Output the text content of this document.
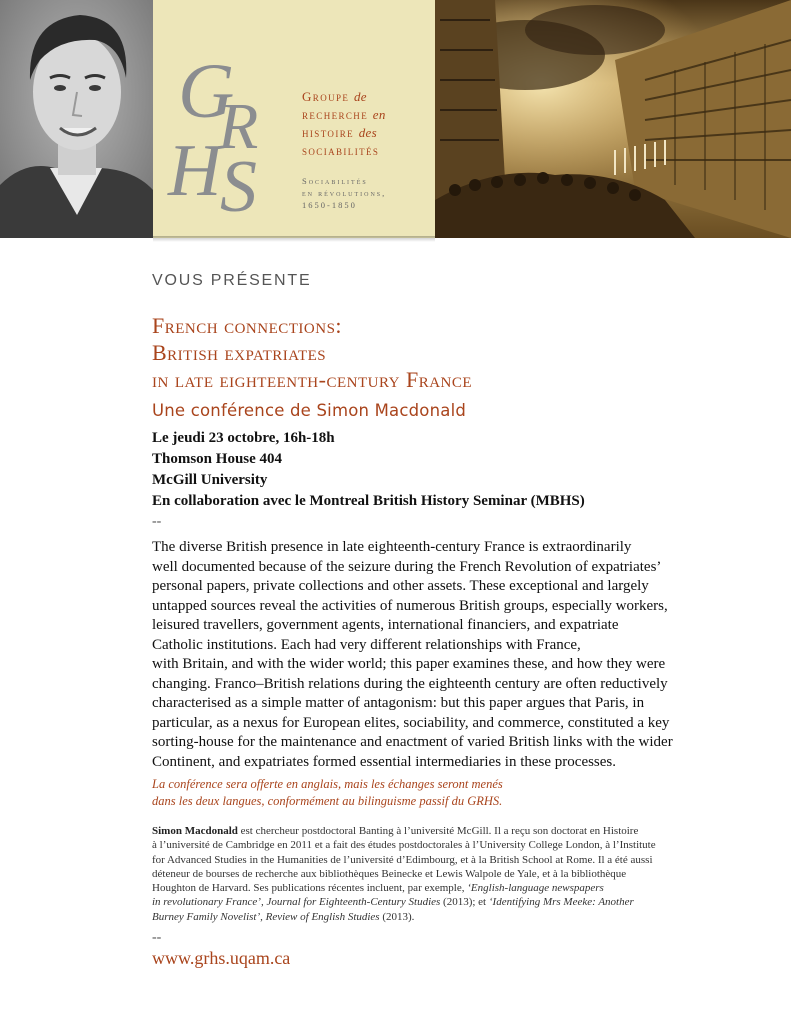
G
R
H
S
Groupe de
recherche en
histoire des
sociabilités
Sociabilités
en révolutions,
1650-1850
VOUS PRÉSENTE
French connections:
British expatriates
in late eighteenth-century France
Une conférence de Simon Macdonald
Le jeudi 23 octobre, 16h-18h
Thomson House 404
McGill University
En collaboration avec le Montreal British History Seminar (MBHS)
--
The diverse British presence in late eighteenth-century France is extraordinarily
well documented because of the seizure during the French Revolution of expatriates’
personal papers, private collections and other assets. These exceptional and largely
untapped sources reveal the activities of numerous British groups, especially workers,
leisured travellers, government agents, international financiers, and expatriate
Catholic institutions. Each had very different relationships with France,
with Britain, and with the wider world; this paper examines these, and how they were
changing. Franco–British relations during the eighteenth century are often reductively
characterised as a simple matter of antagonism: but this paper argues that Paris, in
particular, as a nexus for European elites, sociability, and commerce, constituted a key
sorting-house for the maintenance and enactment of varied British links with the wider
Continent, and expatriates formed essential intermediaries in these processes.
La conférence sera offerte en anglais, mais les échanges seront menés
dans les deux langues, conformément au bilinguisme passif du GRHS.
Simon Macdonald est chercheur postdoctoral Banting à l’université McGill. Il a reçu son doctorat en Histoire
à l’université de Cambridge en 2011 et a fait des études postdoctorales à l’University College London, à l’Institute
for Advanced Studies in the Humanities de l’université d’Edimbourg, et à la British School at Rome. Il a été aussi
déteneur de bourses de recherche aux bibliothèques Beinecke et Lewis Walpole de Yale, et à la bibliothèque
Houghton de Harvard. Ses publications récentes incluent, par exemple, ‘English-language newspapers
in revolutionary France’, Journal for Eighteenth-Century Studies (2013); et ‘Identifying Mrs Meeke: Another
Burney Family Novelist’, Review of English Studies (2013).
--
www.grhs.uqam.ca
